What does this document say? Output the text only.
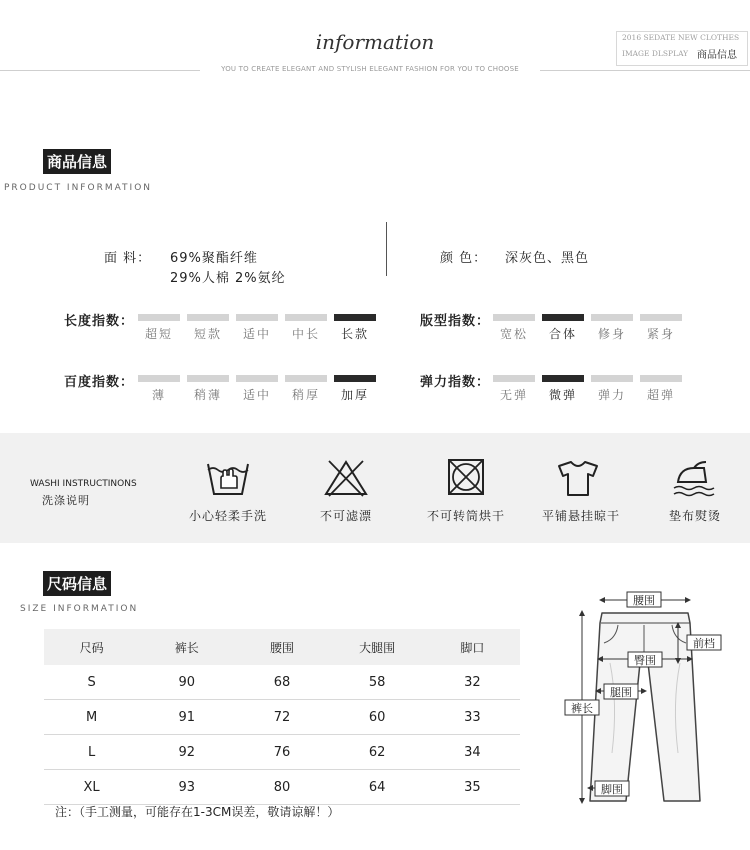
information
YOU TO CREATE ELEGANT AND STYLISH ELEGANT FASHION FOR YOU TO CHOOSE
2016 SEDATE NEW CLOTHES
IMAGE DLSPLAY 商品信息
商品信息
PRODUCT INFORMATION
面 料： 69%聚酯纤维
29%人棉 2%氨纶
颜 色： 深灰色、黑色
长度指数：
超短	短款	适中	中长	长款
版型指数：
宽松	合体	修身	紧身
百度指数：
薄	稍薄	适中	稍厚	加厚
弹力指数：
无弹	微弹	弹力	超弹
WASHI INSTRUCTINONS
洗涤说明
小心轻柔手洗	不可滤漂	不可转筒烘干	平铺悬挂晾干	垫布熨烫
尺码信息
SIZE INFORMATION
尺码	裤长	腰围	大腿围	脚口
S	90	68	58	32
M	91	72	60	33
L	92	76	62	34
XL	93	80	64	35
注：（手工测量，可能存在1-3CM误差，敬请谅解！）
腰围
前档
臀围
腿围
裤长
脚围
